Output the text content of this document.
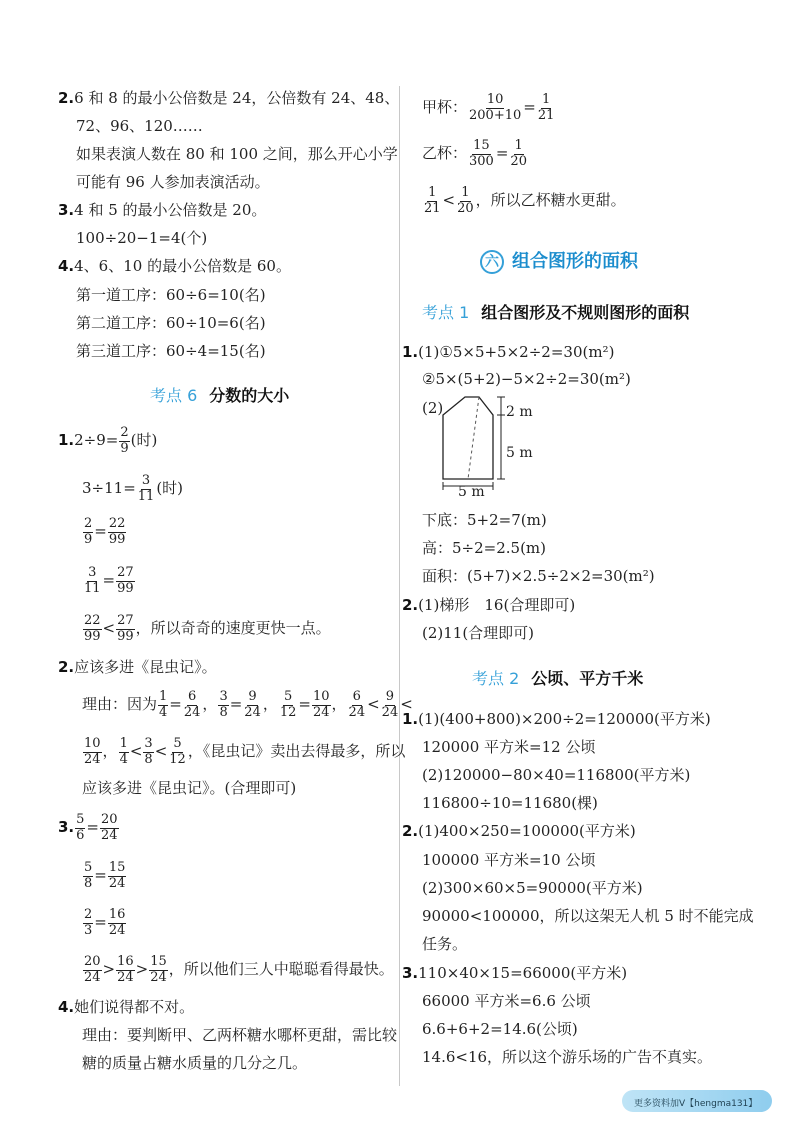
2.6 和 8 的最小公倍数是 24，公倍数有 24、48、
72、96、120……
如果表演人数在 80 和 100 之间，那么开心小学
可能有 96 人参加表演活动。
3.4 和 5 的最小公倍数是 20。
100÷20−1=4(个)
4.4、6、10 的最小公倍数是 60。
第一道工序：60÷6=10(名)
第二道工序：60÷10=6(名)
第三道工序：60÷4=15(名)
考点 6 分数的大小
$1.2\div 9= \frac{2}{9}$ (时)
$3\div 11= \frac{3}{11}$ (时)
$\frac{2}{9} = \frac{22}{99}$
$\frac{3}{11} = \frac{27}{99}$
$\frac{22}{99} < \frac{27}{99}$ ，所以奇奇的速度更快一点。
2.应该多进《昆虫记》。
理由：因为 $\frac{1}{4} = \frac{6}{24}$ ， $\frac{3}{8} = \frac{9}{24}$ ， $\frac{5}{12} = \frac{10}{24}$ ， $\frac{6}{24} < \frac{9}{24}$ <
$\frac{10}{24}$ ， $\frac{1}{4} < \frac{3}{8} < \frac{5}{12}$ ，《昆虫记》卖出去得最多，所以
应该多进《昆虫记》。(合理即可)
3. $\frac{5}{6} = \frac{20}{24}$
$\frac{5}{8} = \frac{15}{24}$
$\frac{2}{3} = \frac{16}{24}$
$\frac{20}{24} > \frac{16}{24} > \frac{15}{24}$ ，所以他们三人中聪聪看得最快。
4.她们说得都不对。
理由：要判断甲、乙两杯糖水哪杯更甜，需比较
糖的质量占糖水质量的几分之几。
甲杯： $\frac{10}{200+10} = \frac{1}{21}$
乙杯： $\frac{15}{300} = \frac{1}{20}$
$\frac{1}{21} < \frac{1}{20}$ ，所以乙杯糖水更甜。
六 组合图形的面积
考点 1 组合图形及不规则图形的面积
1.(1)①5×5+5×2÷2=30(m²)
②5×(5+2)−5×2÷2=30(m²)
(2)	2 m
5 m
5 m
下底：5+2=7(m)
高：5÷2=2.5(m)
面积：(5+7)×2.5÷2×2=30(m²)
2.(1)梯形　16(合理即可)
(2)11(合理即可)
考点 2 公顷、平方千米
1.(1)(400+800)×200÷2=120000(平方米)
120000 平方米=12 公顷
(2)120000−80×40=116800(平方米)
116800÷10=11680(棵)
2.(1)400×250=100000(平方米)
100000 平方米=10 公顷
(2)300×60×5=90000(平方米)
90000<100000，所以这架无人机 5 时不能完成
任务。
3.110×40×15=66000(平方米)
66000 平方米=6.6 公顷
6.6+6+2=14.6(公顷)
14.6<16，所以这个游乐场的广告不真实。
更多资料加V【hengma131】
